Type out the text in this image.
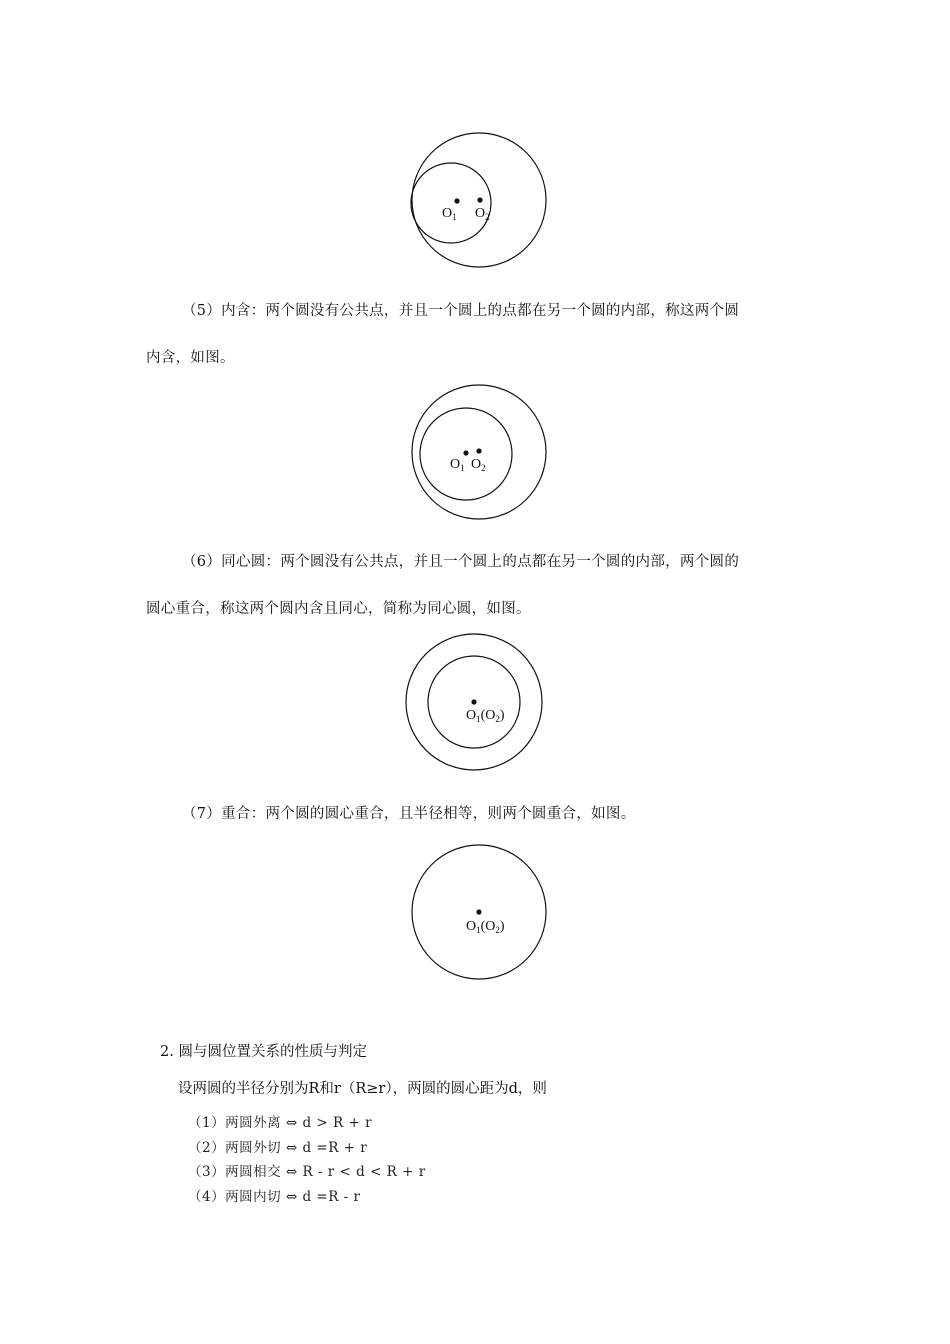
$O_1$ $O_2$

（5）内含：两个圆没有公共点，并且一个圆上的点都在另一个圆的内部，称这两个圆
内含，如图。

$O_1$ $O_2$

（6）同心圆：两个圆没有公共点，并且一个圆上的点都在另一个圆的内部，两个圆的
圆心重合，称这两个圆内含且同心，简称为同心圆，如图。

$O_1(O_2)$

（7）重合：两个圆的圆心重合，且半径相等，则两个圆重合，如图。

$O_1(O_2)$

2. 圆与圆位置关系的性质与判定

设两圆的半径分别为R和r（R≥r），两圆的圆心距为d，则

（1）两圆外离 ⇔ d > R + r

（2）两圆外切 ⇔ d =R + r

（3）两圆相交 ⇔ R - r < d < R + r

（4）两圆内切 ⇔ d =R - r
